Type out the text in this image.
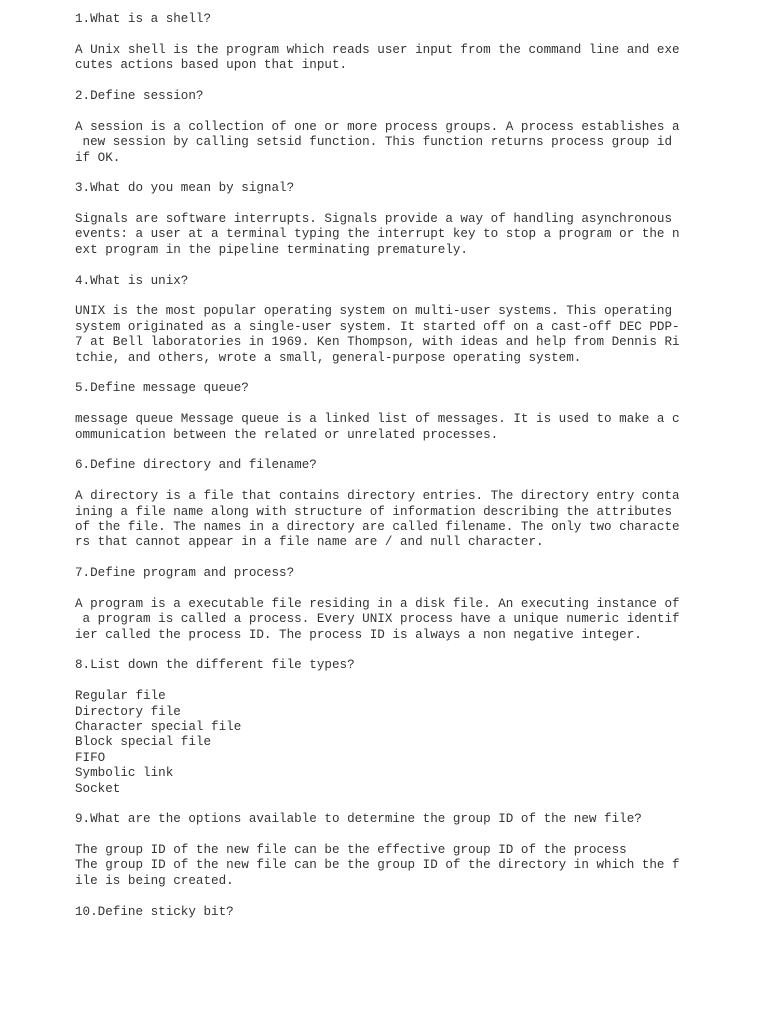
1.What is a shell?
A Unix shell is the program which reads user input from the command line and exe
cutes actions based upon that input.
2.Define session?
A session is a collection of one or more process groups. A process establishes a
new session by calling setsid function. This function returns process group id
if OK.
3.What do you mean by signal?
Signals are software interrupts. Signals provide a way of handling asynchronous
events: a user at a terminal typing the interrupt key to stop a program or the n
ext program in the pipeline terminating prematurely.
4.What is unix?
UNIX is the most popular operating system on multi-user systems. This operating
system originated as a single-user system. It started off on a cast-off DEC PDP-
7 at Bell laboratories in 1969. Ken Thompson, with ideas and help from Dennis Ri
tchie, and others, wrote a small, general-purpose operating system.
5.Define message queue?
message queue Message queue is a linked list of messages. It is used to make a c
ommunication between the related or unrelated processes.
6.Define directory and filename?
A directory is a file that contains directory entries. The directory entry conta
ining a file name along with structure of information describing the attributes
of the file. The names in a directory are called filename. The only two characte
rs that cannot appear in a file name are / and null character.
7.Define program and process?
A program is a executable file residing in a disk file. An executing instance of
a program is called a process. Every UNIX process have a unique numeric identif
ier called the process ID. The process ID is always a non negative integer.
8.List down the different file types?
Regular file
Directory file
Character special file
Block special file
FIFO
Symbolic link
Socket
9.What are the options available to determine the group ID of the new file?
The group ID of the new file can be the effective group ID of the process
The group ID of the new file can be the group ID of the directory in which the f
ile is being created.
10.Define sticky bit?
